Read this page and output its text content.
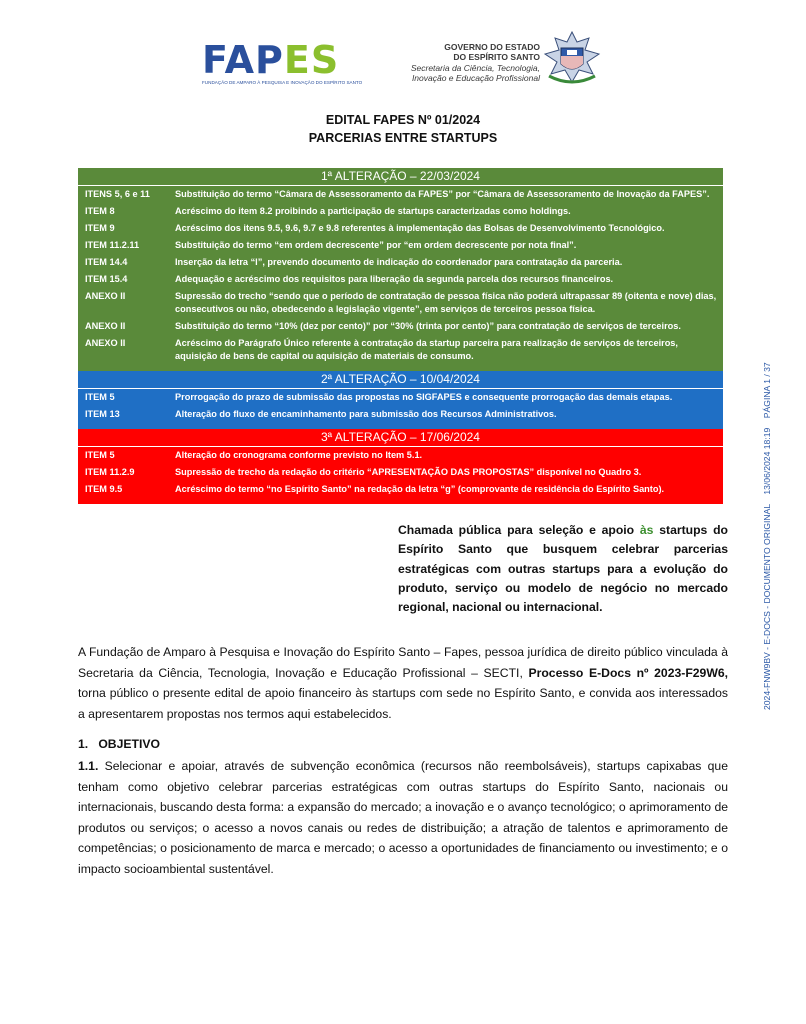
FAPES
FUNDAÇÃO DE AMPARO À PESQUISA E INOVAÇÃO DO ESPÍRITO SANTO
GOVERNO DO ESTADO
DO ESPÍRITO SANTO
Secretaria da Ciência, Tecnologia,
Inovação e Educação Profissional
EDITAL FAPES Nº 01/2024
PARCERIAS ENTRE STARTUPS
1ª ALTERAÇÃO – 22/03/2024
ITENS 5, 6 e 11	Substituição do termo “Câmara de Assessoramento da FAPES” por “Câmara de Assessoramento de Inovação da FAPES”.
ITEM 8	Acréscimo do item 8.2 proibindo a participação de startups caracterizadas como holdings.
ITEM 9	Acréscimo dos itens 9.5, 9.6, 9.7 e 9.8 referentes à implementação das Bolsas de Desenvolvimento Tecnológico.
ITEM 11.2.11	Substituição do termo “em ordem decrescente” por “em ordem decrescente por nota final”.
ITEM 14.4	Inserção da letra “l”, prevendo documento de indicação do coordenador para contratação da parceria.
ITEM 15.4	Adequação e acréscimo dos requisitos para liberação da segunda parcela dos recursos financeiros.
ANEXO II	Supressão do trecho “sendo que o período de contratação de pessoa física não poderá ultrapassar 89 (oitenta e nove) dias, consecutivos ou não, obedecendo a legislação vigente”, em serviços de terceiros pessoa física.
ANEXO II	Substituição do termo “10% (dez por cento)” por “30% (trinta por cento)” para contratação de serviços de terceiros.
ANEXO II	Acréscimo do Parágrafo Único referente à contratação da startup parceira para realização de serviços de terceiros, aquisição de bens de capital ou aquisição de materiais de consumo.
2ª ALTERAÇÃO – 10/04/2024
ITEM 5	Prorrogação do prazo de submissão das propostas no SIGFAPES e consequente prorrogação das demais etapas.
ITEM 13	Alteração do fluxo de encaminhamento para submissão dos Recursos Administrativos.
3ª ALTERAÇÃO – 17/06/2024
ITEM 5	Alteração do cronograma conforme previsto no Item 5.1.
ITEM 11.2.9	Supressão de trecho da redação do critério “APRESENTAÇÃO DAS PROPOSTAS” disponível no Quadro 3.
ITEM 9.5	Acréscimo do termo “no Espírito Santo” na redação da letra “g” (comprovante de residência do Espírito Santo).
Chamada pública para seleção e apoio às startups do Espírito Santo que busquem celebrar parcerias estratégicas com outras startups para a evolução do produto, serviço ou modelo de negócio no mercado regional, nacional ou internacional.
A Fundação de Amparo à Pesquisa e Inovação do Espírito Santo – Fapes, pessoa jurídica de direito público vinculada à Secretaria da Ciência, Tecnologia, Inovação e Educação Profissional – SECTI, Processo E-Docs nº 2023-F29W6, torna público o presente edital de apoio financeiro às startups com sede no Espírito Santo, e convida aos interessados a apresentarem propostas nos termos aqui estabelecidos.
1.   OBJETIVO
1.1. Selecionar e apoiar, através de subvenção econômica (recursos não reembolsáveis), startups capixabas que tenham como objetivo celebrar parcerias estratégicas com outras startups do Espírito Santo, nacionais ou internacionais, buscando desta forma: a expansão do mercado; a inovação e o avanço tecnológico; o aprimoramento de produtos ou serviços; o acesso a novos canais ou redes de distribuição; a atração de talentos e aprimoramento de competências; o posicionamento de marca e mercado; o acesso a oportunidades de financiamento ou investimento; e o impacto socioambiental sustentável.
2024-FNW9BV - E-DOCS - DOCUMENTO ORIGINAL    13/06/2024 18:19    PÁGINA 1 / 37
